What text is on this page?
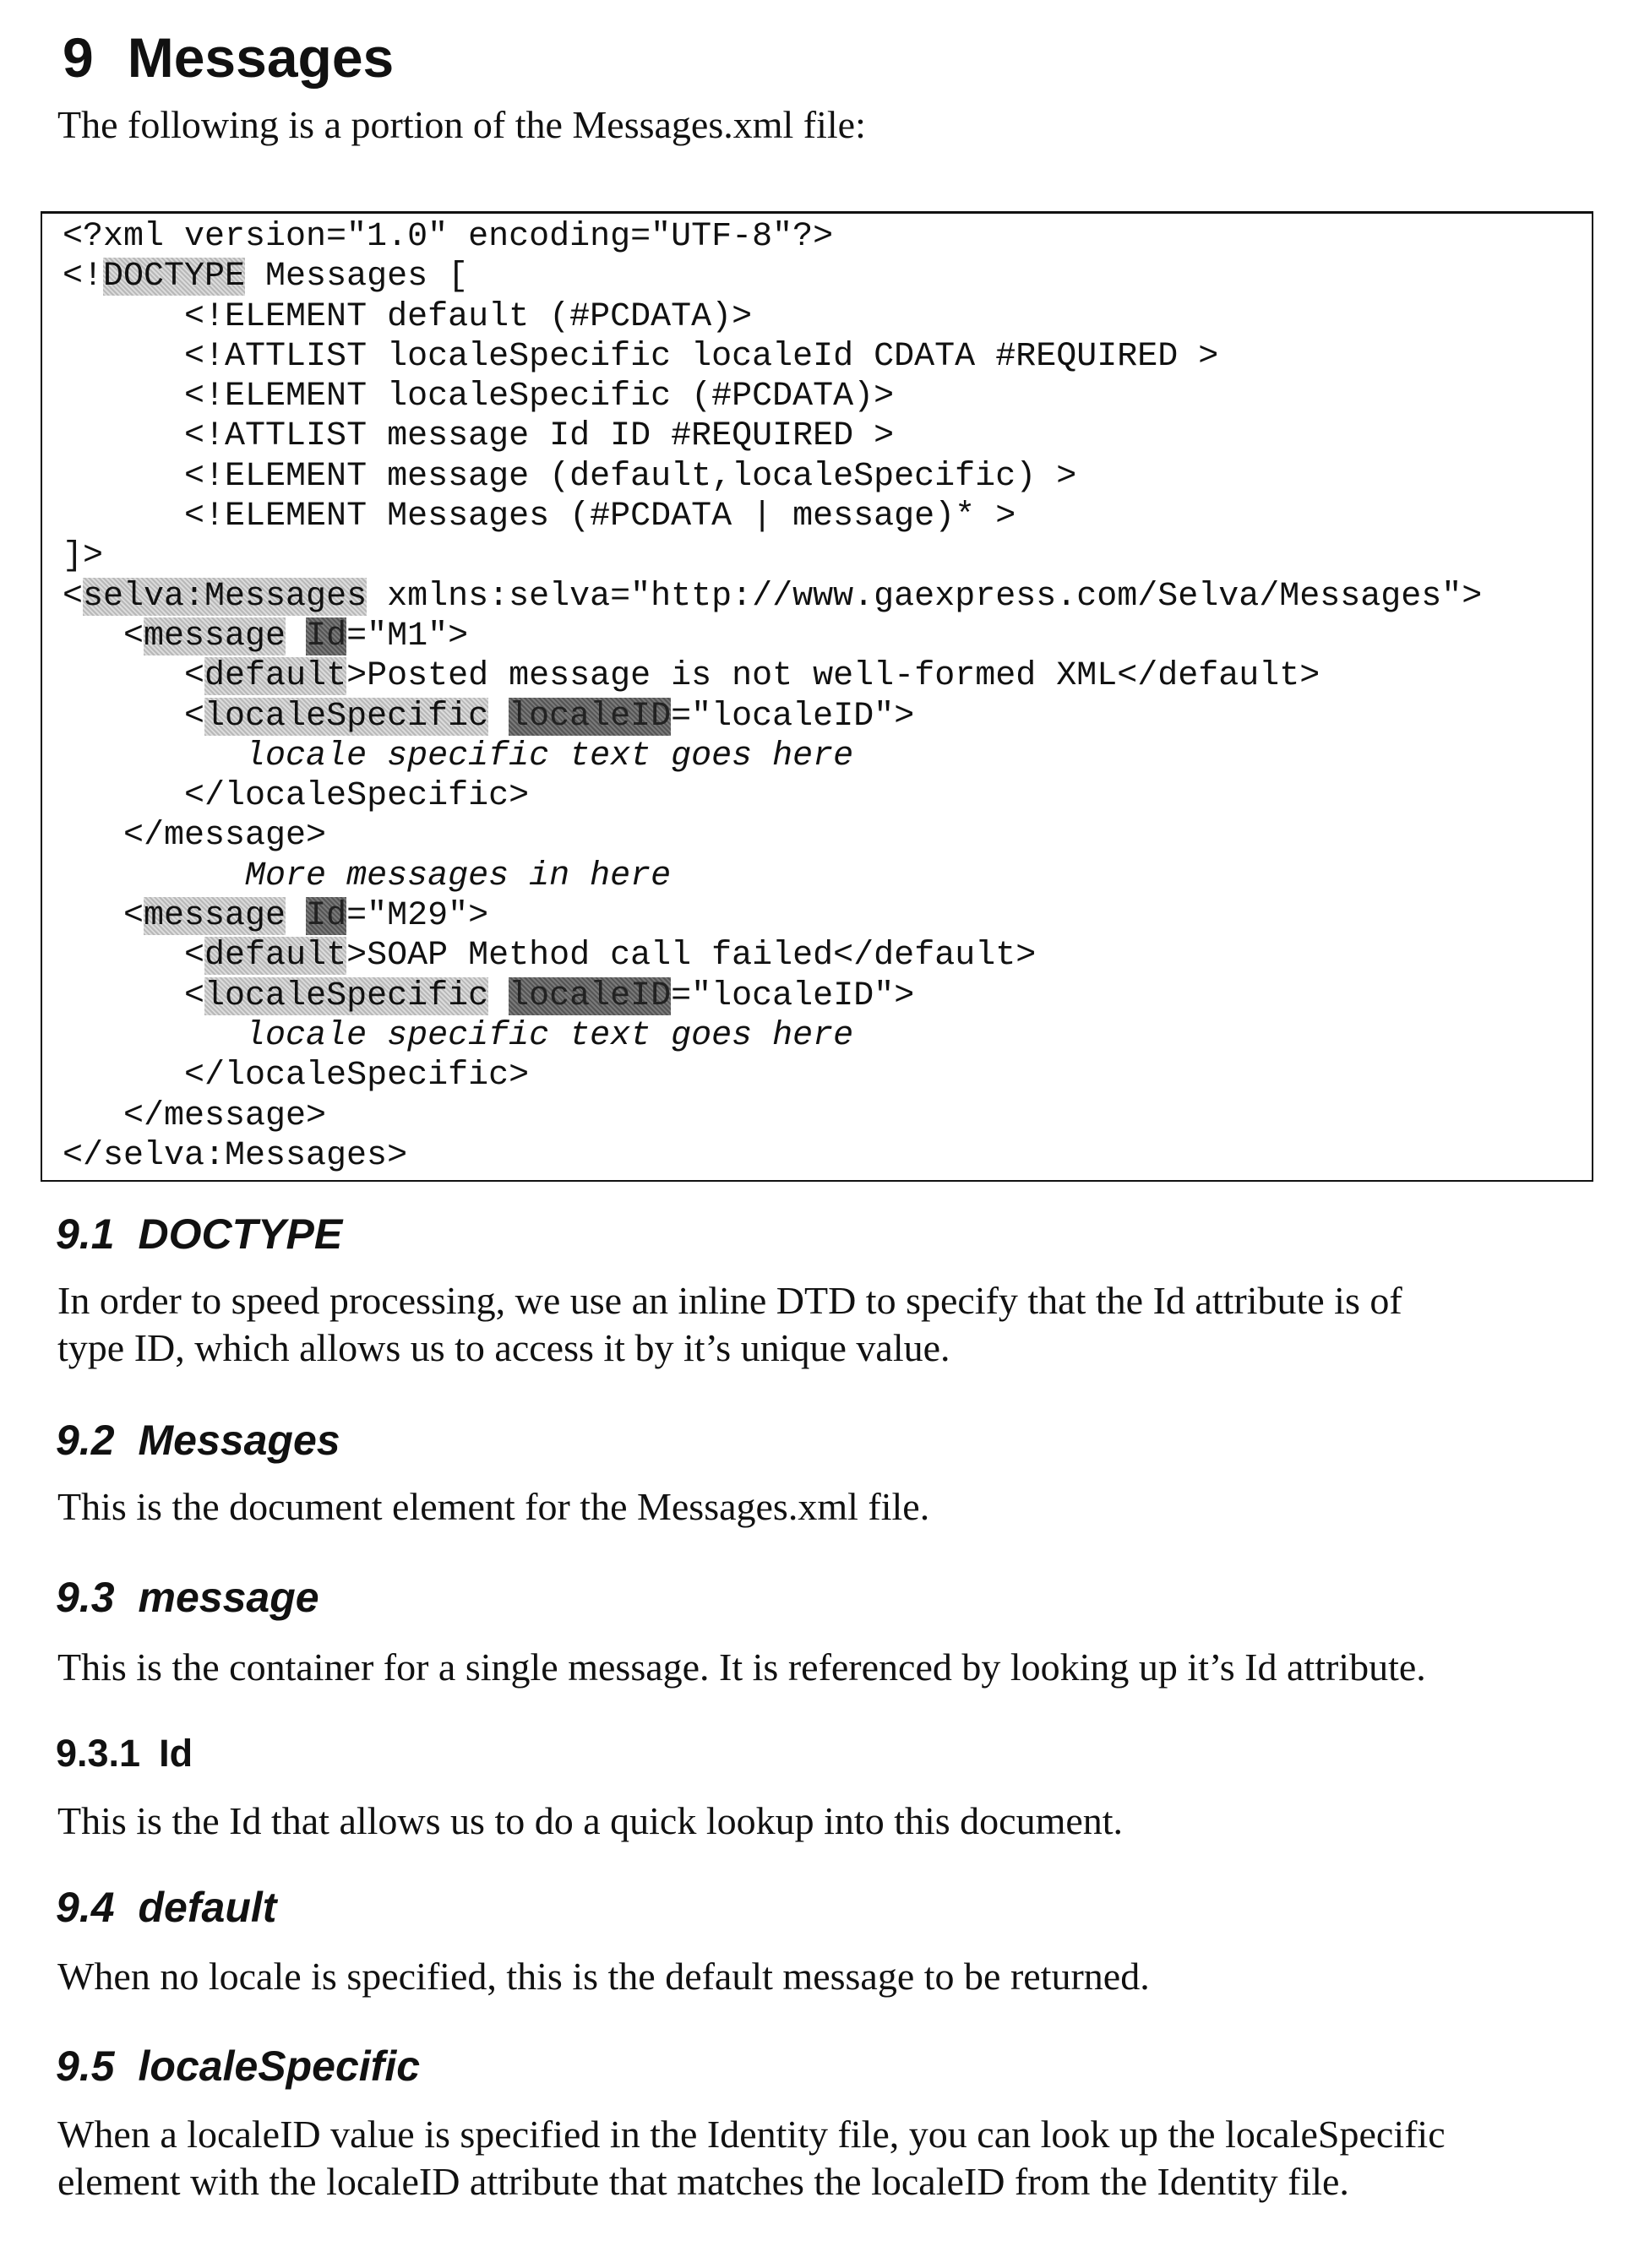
9 Messages
The following is a portion of the Messages.xml file:
<?xml version="1.0" encoding="UTF-8"?>
<!DOCTYPE Messages [
<!ELEMENT default (#PCDATA)>
<!ATTLIST localeSpecific localeId CDATA #REQUIRED >
<!ELEMENT localeSpecific (#PCDATA)>
<!ATTLIST message Id ID #REQUIRED >
<!ELEMENT message (default,localeSpecific) >
<!ELEMENT Messages (#PCDATA | message)* >
]>
<selva:Messages xmlns:selva="http://www.gaexpress.com/Selva/Messages">
<message Id="M1">
<default>Posted message is not well-formed XML</default>
<localeSpecific localeID="localeID">
locale specific text goes here
</localeSpecific>
</message>
More messages in here
<message Id="M29">
<default>SOAP Method call failed</default>
<localeSpecific localeID="localeID">
locale specific text goes here
</localeSpecific>
</message>
</selva:Messages>
9.1 DOCTYPE
In order to speed processing, we use an inline DTD to specify that the Id attribute is of
type ID, which allows us to access it by it’s unique value.
9.2 Messages
This is the document element for the Messages.xml file.
9.3 message
This is the container for a single message. It is referenced by looking up it’s Id attribute.
9.3.1 Id
This is the Id that allows us to do a quick lookup into this document.
9.4 default
When no locale is specified, this is the default message to be returned.
9.5 localeSpecific
When a localeID value is specified in the Identity file, you can look up the localeSpecific
element with the localeID attribute that matches the localeID from the Identity file.
